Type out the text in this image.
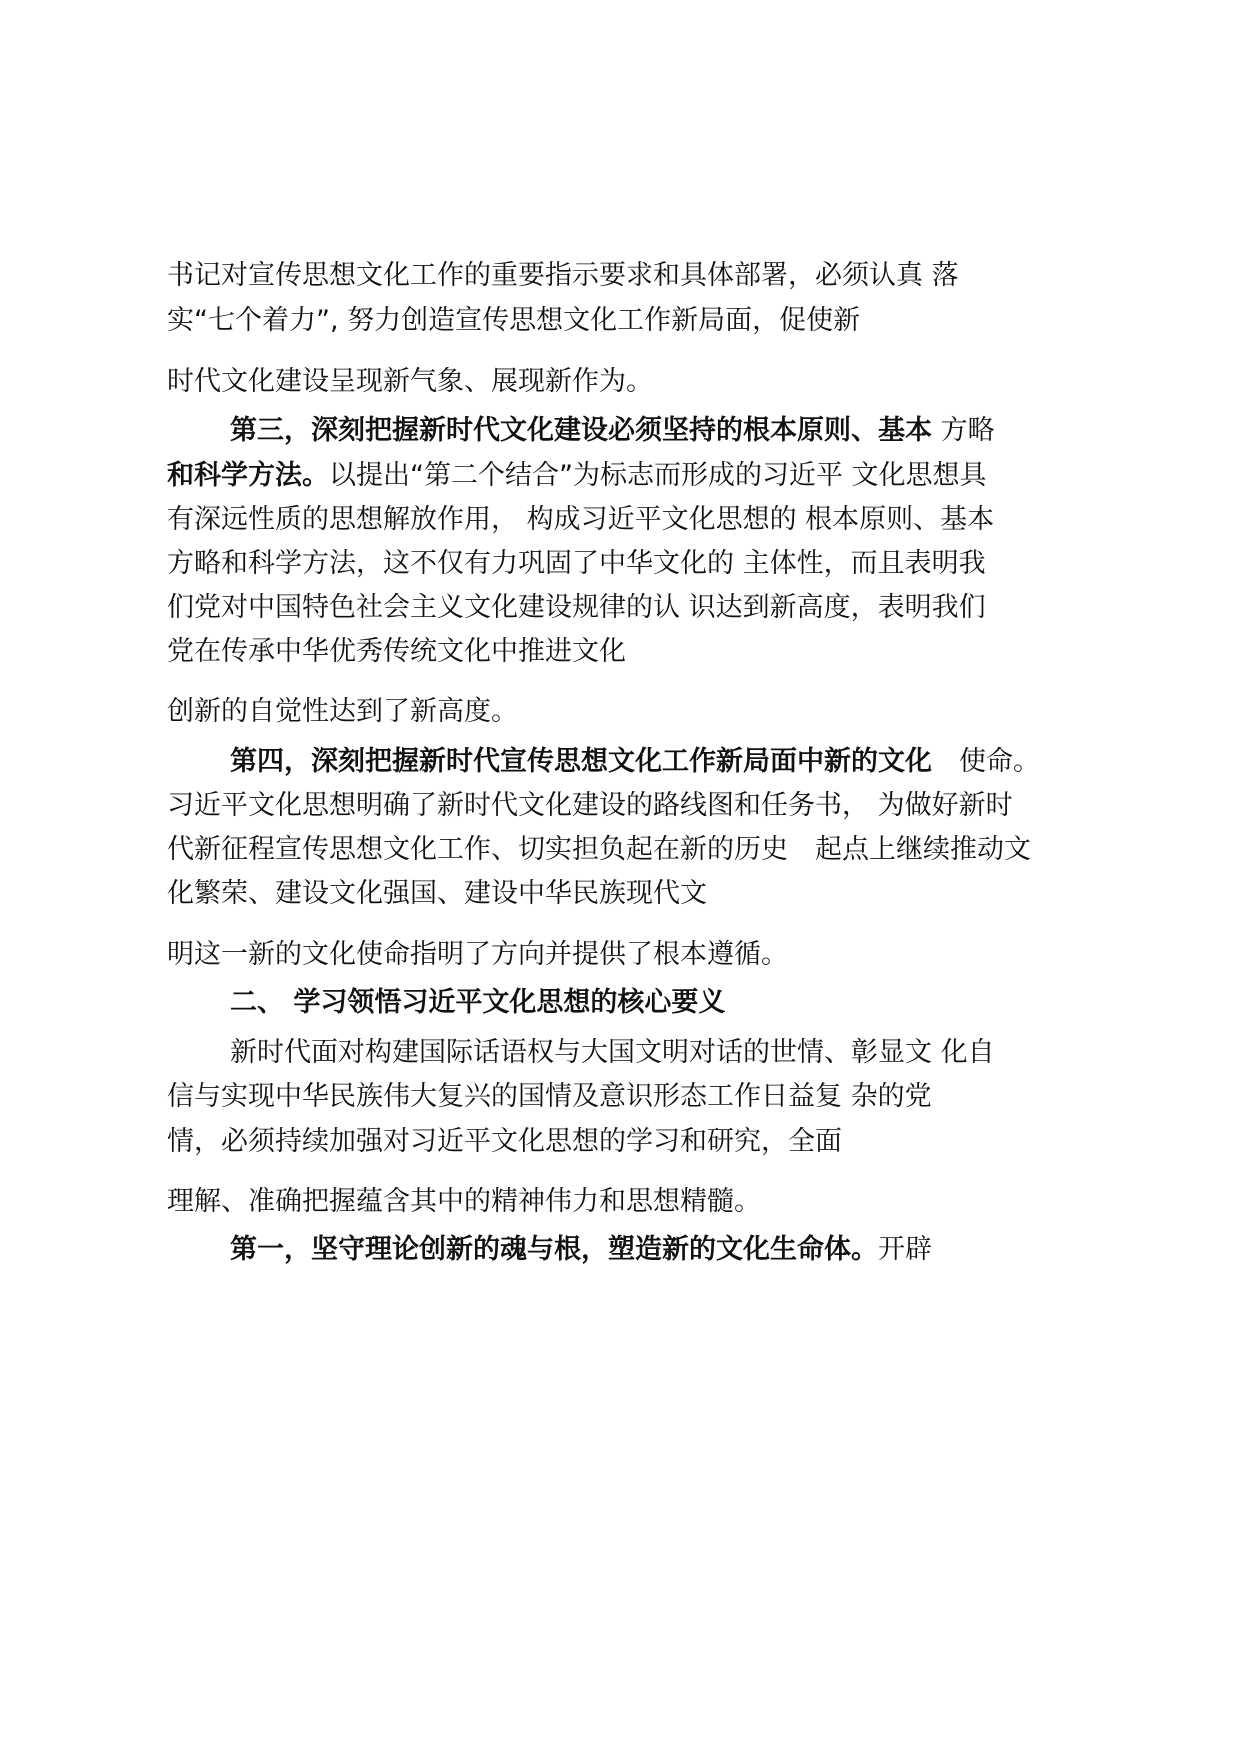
书记对宣传思想文化工作的重要指示要求和具体部署，必须认真 落
实“七个着力”, 努力创造宣传思想文化工作新局面，促使新
时代文化建设呈现新气象、展现新作为。
第三，深刻把握新时代文化建设必须坚持的根本原则、基本 方略
和科学方法。以提出“第二个结合”为标志而形成的习近平 文化思想具
有深远性质的思想解放作用， 构成习近平文化思想的 根本原则、基本
方略和科学方法，这不仅有力巩固了中华文化的 主体性，而且表明我
们党对中国特色社会主义文化建设规律的认 识达到新高度，表明我们
党在传承中华优秀传统文化中推进文化
创新的自觉性达到了新高度。
第四，深刻把握新时代宣传思想文化工作新局面中新的文化　使命。
习近平文化思想明确了新时代文化建设的路线图和任务书， 为做好新时
代新征程宣传思想文化工作、切实担负起在新的历史　起点上继续推动文
化繁荣、建设文化强国、建设中华民族现代文
明这一新的文化使命指明了方向并提供了根本遵循。
二、 学习领悟习近平文化思想的核心要义
新时代面对构建国际话语权与大国文明对话的世情、彰显文 化自
信与实现中华民族伟大复兴的国情及意识形态工作日益复 杂的党
情，必须持续加强对习近平文化思想的学习和研究，全面
理解、准确把握蕴含其中的精神伟力和思想精髓。
第一，坚守理论创新的魂与根，塑造新的文化生命体。开辟
